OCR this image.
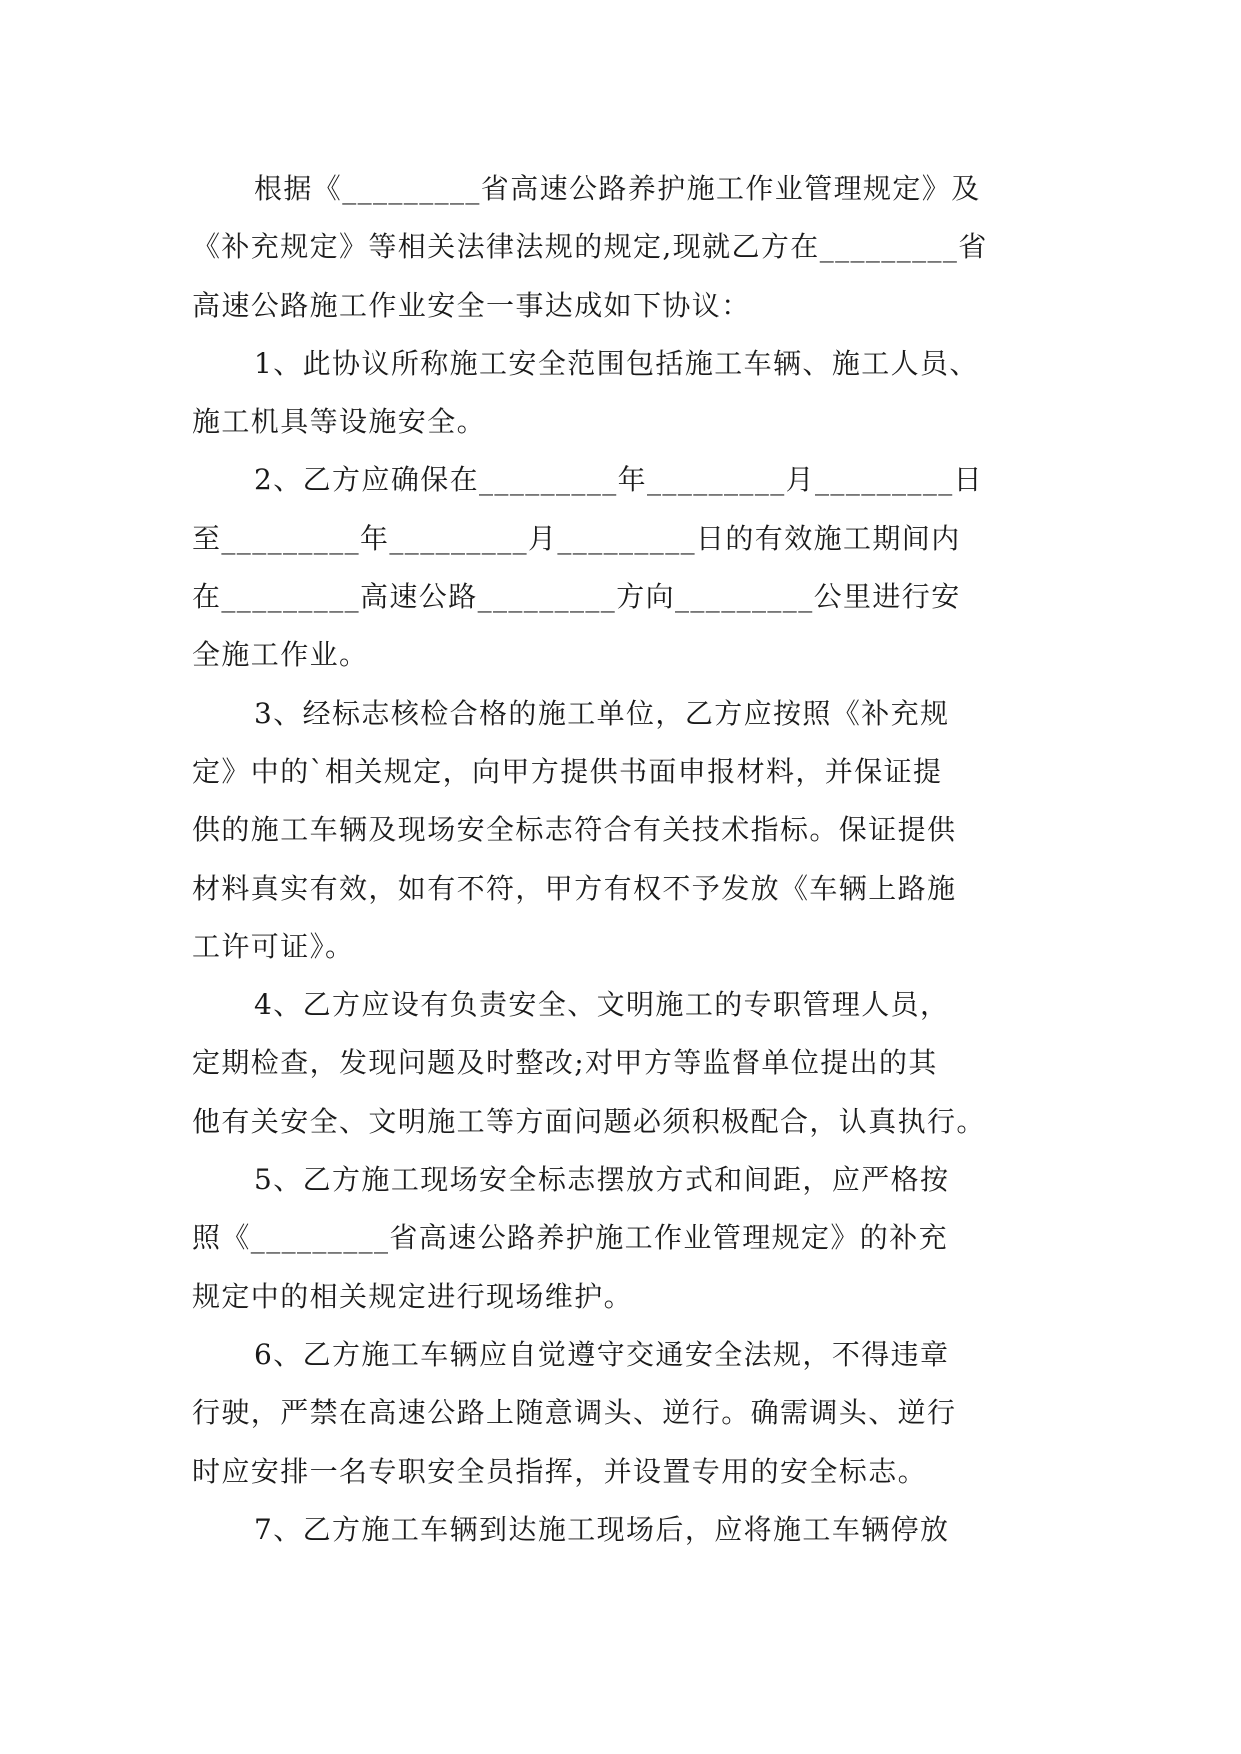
根据《_________省高速公路养护施工作业管理规定》及
《补充规定》等相关法律法规的规定,现就乙方在_________省
高速公路施工作业安全一事达成如下协议：
1、此协议所称施工安全范围包括施工车辆、施工人员、
施工机具等设施安全。
2、乙方应确保在_________年_________月_________日
至_________年_________月_________日的有效施工期间内
在_________高速公路_________方向_________公里进行安
全施工作业。
3、经标志核检合格的施工单位，乙方应按照《补充规
定》中的`相关规定，向甲方提供书面申报材料，并保证提
供的施工车辆及现场安全标志符合有关技术指标。保证提供
材料真实有效，如有不符，甲方有权不予发放《车辆上路施
工许可证》。
4、乙方应设有负责安全、文明施工的专职管理人员，
定期检查，发现问题及时整改;对甲方等监督单位提出的其
他有关安全、文明施工等方面问题必须积极配合，认真执行。
5、乙方施工现场安全标志摆放方式和间距，应严格按
照《_________省高速公路养护施工作业管理规定》的补充
规定中的相关规定进行现场维护。
6、乙方施工车辆应自觉遵守交通安全法规，不得违章
行驶，严禁在高速公路上随意调头、逆行。确需调头、逆行
时应安排一名专职安全员指挥，并设置专用的安全标志。
7、乙方施工车辆到达施工现场后，应将施工车辆停放
